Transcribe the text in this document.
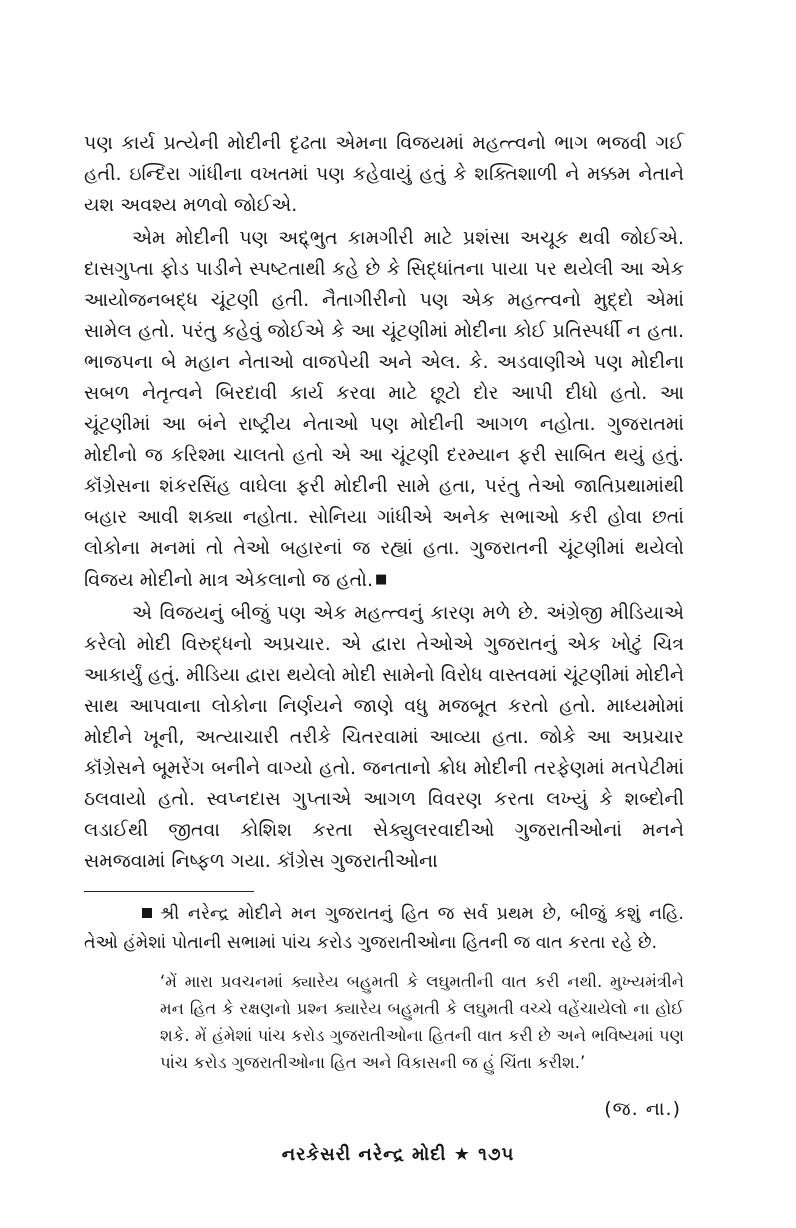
પણ કાર્ય પ્રત્યેની મોદીની દૃઢતા એમના વિજયમાં મહત્ત્વનો ભાગ ભજવી ગઈ હતી. ઇન્દિરા ગાંધીના વખતમાં પણ કહેવાયું હતું કે શક્તિશાળી ને મક્કમ નેતાને યશ અવશ્ય મળવો જોઈએ.

એમ મોદીની પણ અદ્દ્ભુત કામગીરી માટે પ્રશંસા અચૂક થવી જોઈએ. દાસગુપ્તા ફોડ પાડીને સ્પષ્ટતાથી કહે છે કે સિદ્ધાંતના પાયા પર થયેલી આ એક આયોજનબદ્ધ ચૂંટણી હતી. નૈતાગીરીનો પણ એક મહત્ત્વનો મુદ્દો એમાં સામેલ હતો. પરંતુ કહેવું જોઈએ કે આ ચૂંટણીમાં મોદીના કોઈ પ્રતિસ્પર્ધી ન હતા. ભાજપના બે મહાન નેતાઓ વાજપેયી અને એલ. કે. અડવાણીએ પણ મોદીના સબળ નેતૃત્વને બિરદાવી કાર્ય કરવા માટે છૂટો દોર આપી દીધો હતો. આ ચૂંટણીમાં આ બંને રાષ્ટ્રીય નેતાઓ પણ મોદીની આગળ નહોતા. ગુજરાતમાં મોદીનો જ કરિશ્મા ચાલતો હતો એ આ ચૂંટણી દરમ્યાન ફરી સાબિત થયું હતું. કૉંગ્રેસના શંકરસિંહ વાઘેલા ફરી મોદીની સામે હતા, પરંતુ તેઓ જાતિપ્રથામાંથી બહાર આવી શક્યા નહોતા. સોનિયા ગાંધીએ અનેક સભાઓ કરી હોવા છતાં લોકોના મનમાં તો તેઓ બહારનાં જ રહ્યાં હતા. ગુજરાતની ચૂંટણીમાં થયેલો વિજય મોદીનો માત્ર એકલાનો જ હતો. ■

એ વિજયનું બીજું પણ એક મહત્ત્વનું કારણ મળે છે. અંગ્રેજી મીડિયાએ કરેલો મોદી વિરુદ્ધનો અપ્રચાર. એ દ્વારા તેઓએ ગુજરાતનું એક ખોટું ચિત્ર આકાર્યું હતું. મીડિયા દ્વારા થયેલો મોદી સામેનો વિરોધ વાસ્તવમાં ચૂંટણીમાં મોદીને સાથ આપવાના લોકોના નિર્ણયને જાણે વધુ મજબૂત કરતો હતો. માધ્યમોમાં મોદીને ખૂની, અત્યાચારી તરીકે ચિતરવામાં આવ્યા હતા. જોકે આ અપ્રચાર કૉંગ્રેસને બૂમરેંગ બનીને વાગ્યો હતો. જનતાનો ક્રોધ મોદીની તરફેણમાં મતપેટીમાં ઠલવાયો હતો. સ્વપ્નદાસ ગુપ્તાએ આગળ વિવરણ કરતા લખ્યું કે શબ્દોની લડાઈથી જીતવા કોશિશ કરતા સેક્યુલરવાદીઓ ગુજરાતીઓનાં મનને સમજવામાં નિષ્ફળ ગયા. કૉંગ્રેસ ગુજરાતીઓના

શ્રી નરેન્દ્ર મોદીને મન ગુજરાતનું હિત જ સર્વ પ્રથમ છે, બીજું કશું નહિ. તેઓ હંમેશાં પોતાની સભામાં પાંચ કરોડ ગુજરાતીઓના હિતની જ વાત કરતા રહે છે.

‘મેં મારા પ્રવચનમાં ક્યારેય બહુમતી કે લઘુમતીની વાત કરી નથી. મુખ્યમંત્રીને મન હિત કે રક્ષણનો પ્રશ્ન ક્યારેય બહુમતી કે લઘુમતી વચ્ચે વહેંચાયેલો ના હોઈ શકે. મેં હંમેશાં પાંચ કરોડ ગુજરાતીઓના હિતની વાત કરી છે અને ભવિષ્યમાં પણ પાંચ કરોડ ગુજરાતીઓના હિત અને વિકાસની જ હું ચિંતા કરીશ.’

(જ. ના.)
નરકેસરી નરેન્દ્ર મોદી ★ ૧૭૫
